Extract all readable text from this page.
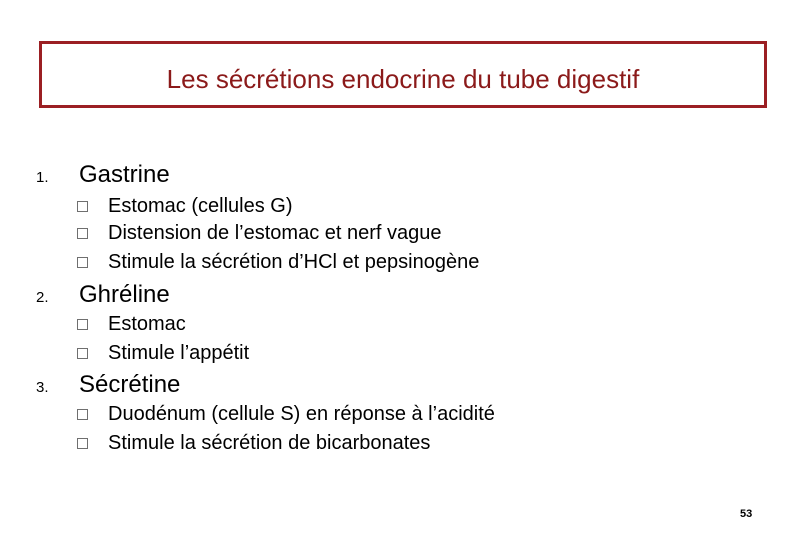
Les sécrétions endocrine du tube digestif
1. Gastrine
Estomac (cellules G)
Distension de l’estomac et nerf vague
Stimule la sécrétion d’HCl et pepsinogène
2. Ghréline
Estomac
Stimule l’appétit
3. Sécrétine
Duodénum (cellule S) en réponse à l’acidité
Stimule la sécrétion de bicarbonates
53
